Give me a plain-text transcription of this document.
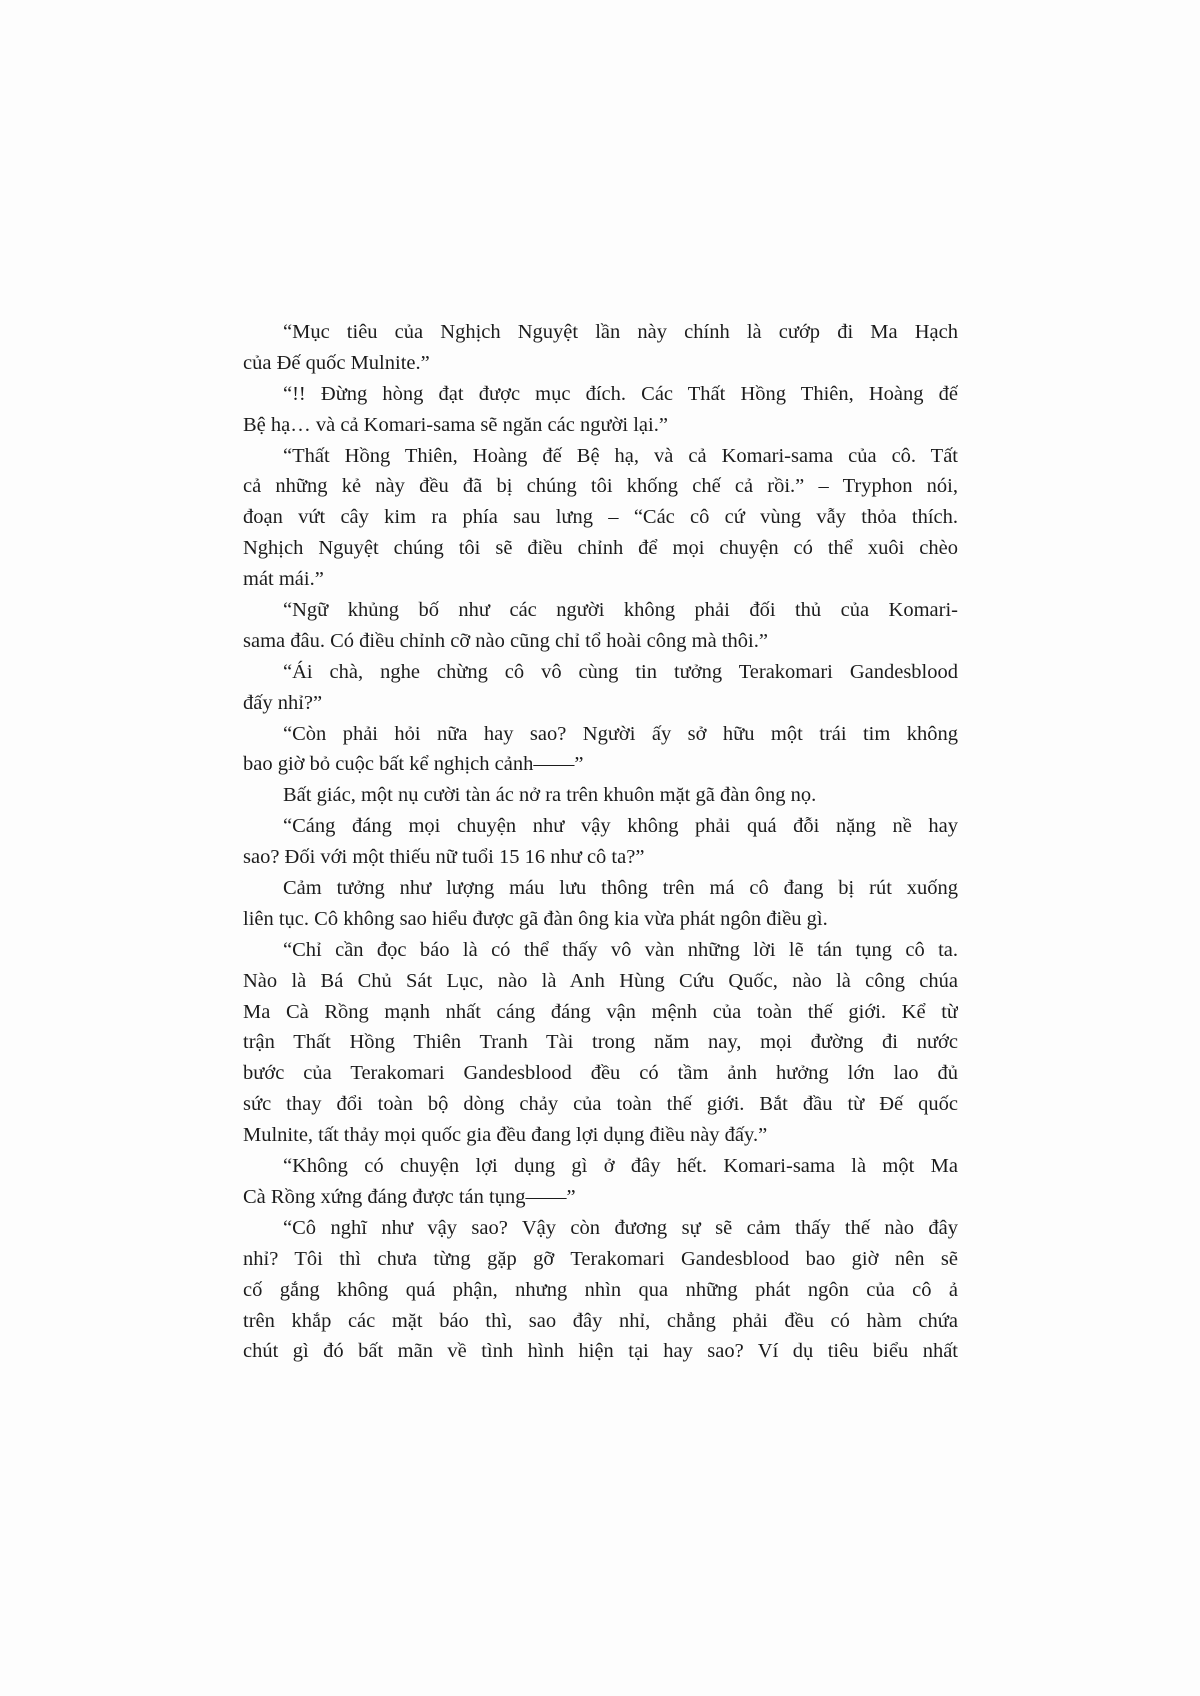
“Mục tiêu của Nghịch Nguyệt lần này chính là cướp đi Ma Hạch
của Đế quốc Mulnite.”
“!! Đừng hòng đạt được mục đích. Các Thất Hồng Thiên, Hoàng đế
Bệ hạ… và cả Komari-sama sẽ ngăn các người lại.”
“Thất Hồng Thiên, Hoàng đế Bệ hạ, và cả Komari-sama của cô. Tất
cả những kẻ này đều đã bị chúng tôi khống chế cả rồi.” – Tryphon nói,
đoạn vứt cây kim ra phía sau lưng – “Các cô cứ vùng vẫy thỏa thích.
Nghịch Nguyệt chúng tôi sẽ điều chỉnh để mọi chuyện có thể xuôi chèo
mát mái.”
“Ngữ khủng bố như các người không phải đối thủ của Komari-
sama đâu. Có điều chỉnh cỡ nào cũng chỉ tổ hoài công mà thôi.”
“Ái chà, nghe chừng cô vô cùng tin tưởng Terakomari Gandesblood
đấy nhỉ?”
“Còn phải hỏi nữa hay sao? Người ấy sở hữu một trái tim không
bao giờ bỏ cuộc bất kể nghịch cảnh——”
Bất giác, một nụ cười tàn ác nở ra trên khuôn mặt gã đàn ông nọ.
“Cáng đáng mọi chuyện như vậy không phải quá đỗi nặng nề hay
sao? Đối với một thiếu nữ tuổi 15 16 như cô ta?”
Cảm tưởng như lượng máu lưu thông trên má cô đang bị rút xuống
liên tục. Cô không sao hiểu được gã đàn ông kia vừa phát ngôn điều gì.
“Chỉ cần đọc báo là có thể thấy vô vàn những lời lẽ tán tụng cô ta.
Nào là Bá Chủ Sát Lục, nào là Anh Hùng Cứu Quốc, nào là công chúa
Ma Cà Rồng mạnh nhất cáng đáng vận mệnh của toàn thế giới. Kể từ
trận Thất Hồng Thiên Tranh Tài trong năm nay, mọi đường đi nước
bước của Terakomari Gandesblood đều có tầm ảnh hưởng lớn lao đủ
sức thay đổi toàn bộ dòng chảy của toàn thế giới. Bắt đầu từ Đế quốc
Mulnite, tất thảy mọi quốc gia đều đang lợi dụng điều này đấy.”
“Không có chuyện lợi dụng gì ở đây hết. Komari-sama là một Ma
Cà Rồng xứng đáng được tán tụng——”
“Cô nghĩ như vậy sao? Vậy còn đương sự sẽ cảm thấy thế nào đây
nhỉ? Tôi thì chưa từng gặp gỡ Terakomari Gandesblood bao giờ nên sẽ
cố gắng không quá phận, nhưng nhìn qua những phát ngôn của cô ả
trên khắp các mặt báo thì, sao đây nhỉ, chẳng phải đều có hàm chứa
chút gì đó bất mãn về tình hình hiện tại hay sao? Ví dụ tiêu biểu nhất
